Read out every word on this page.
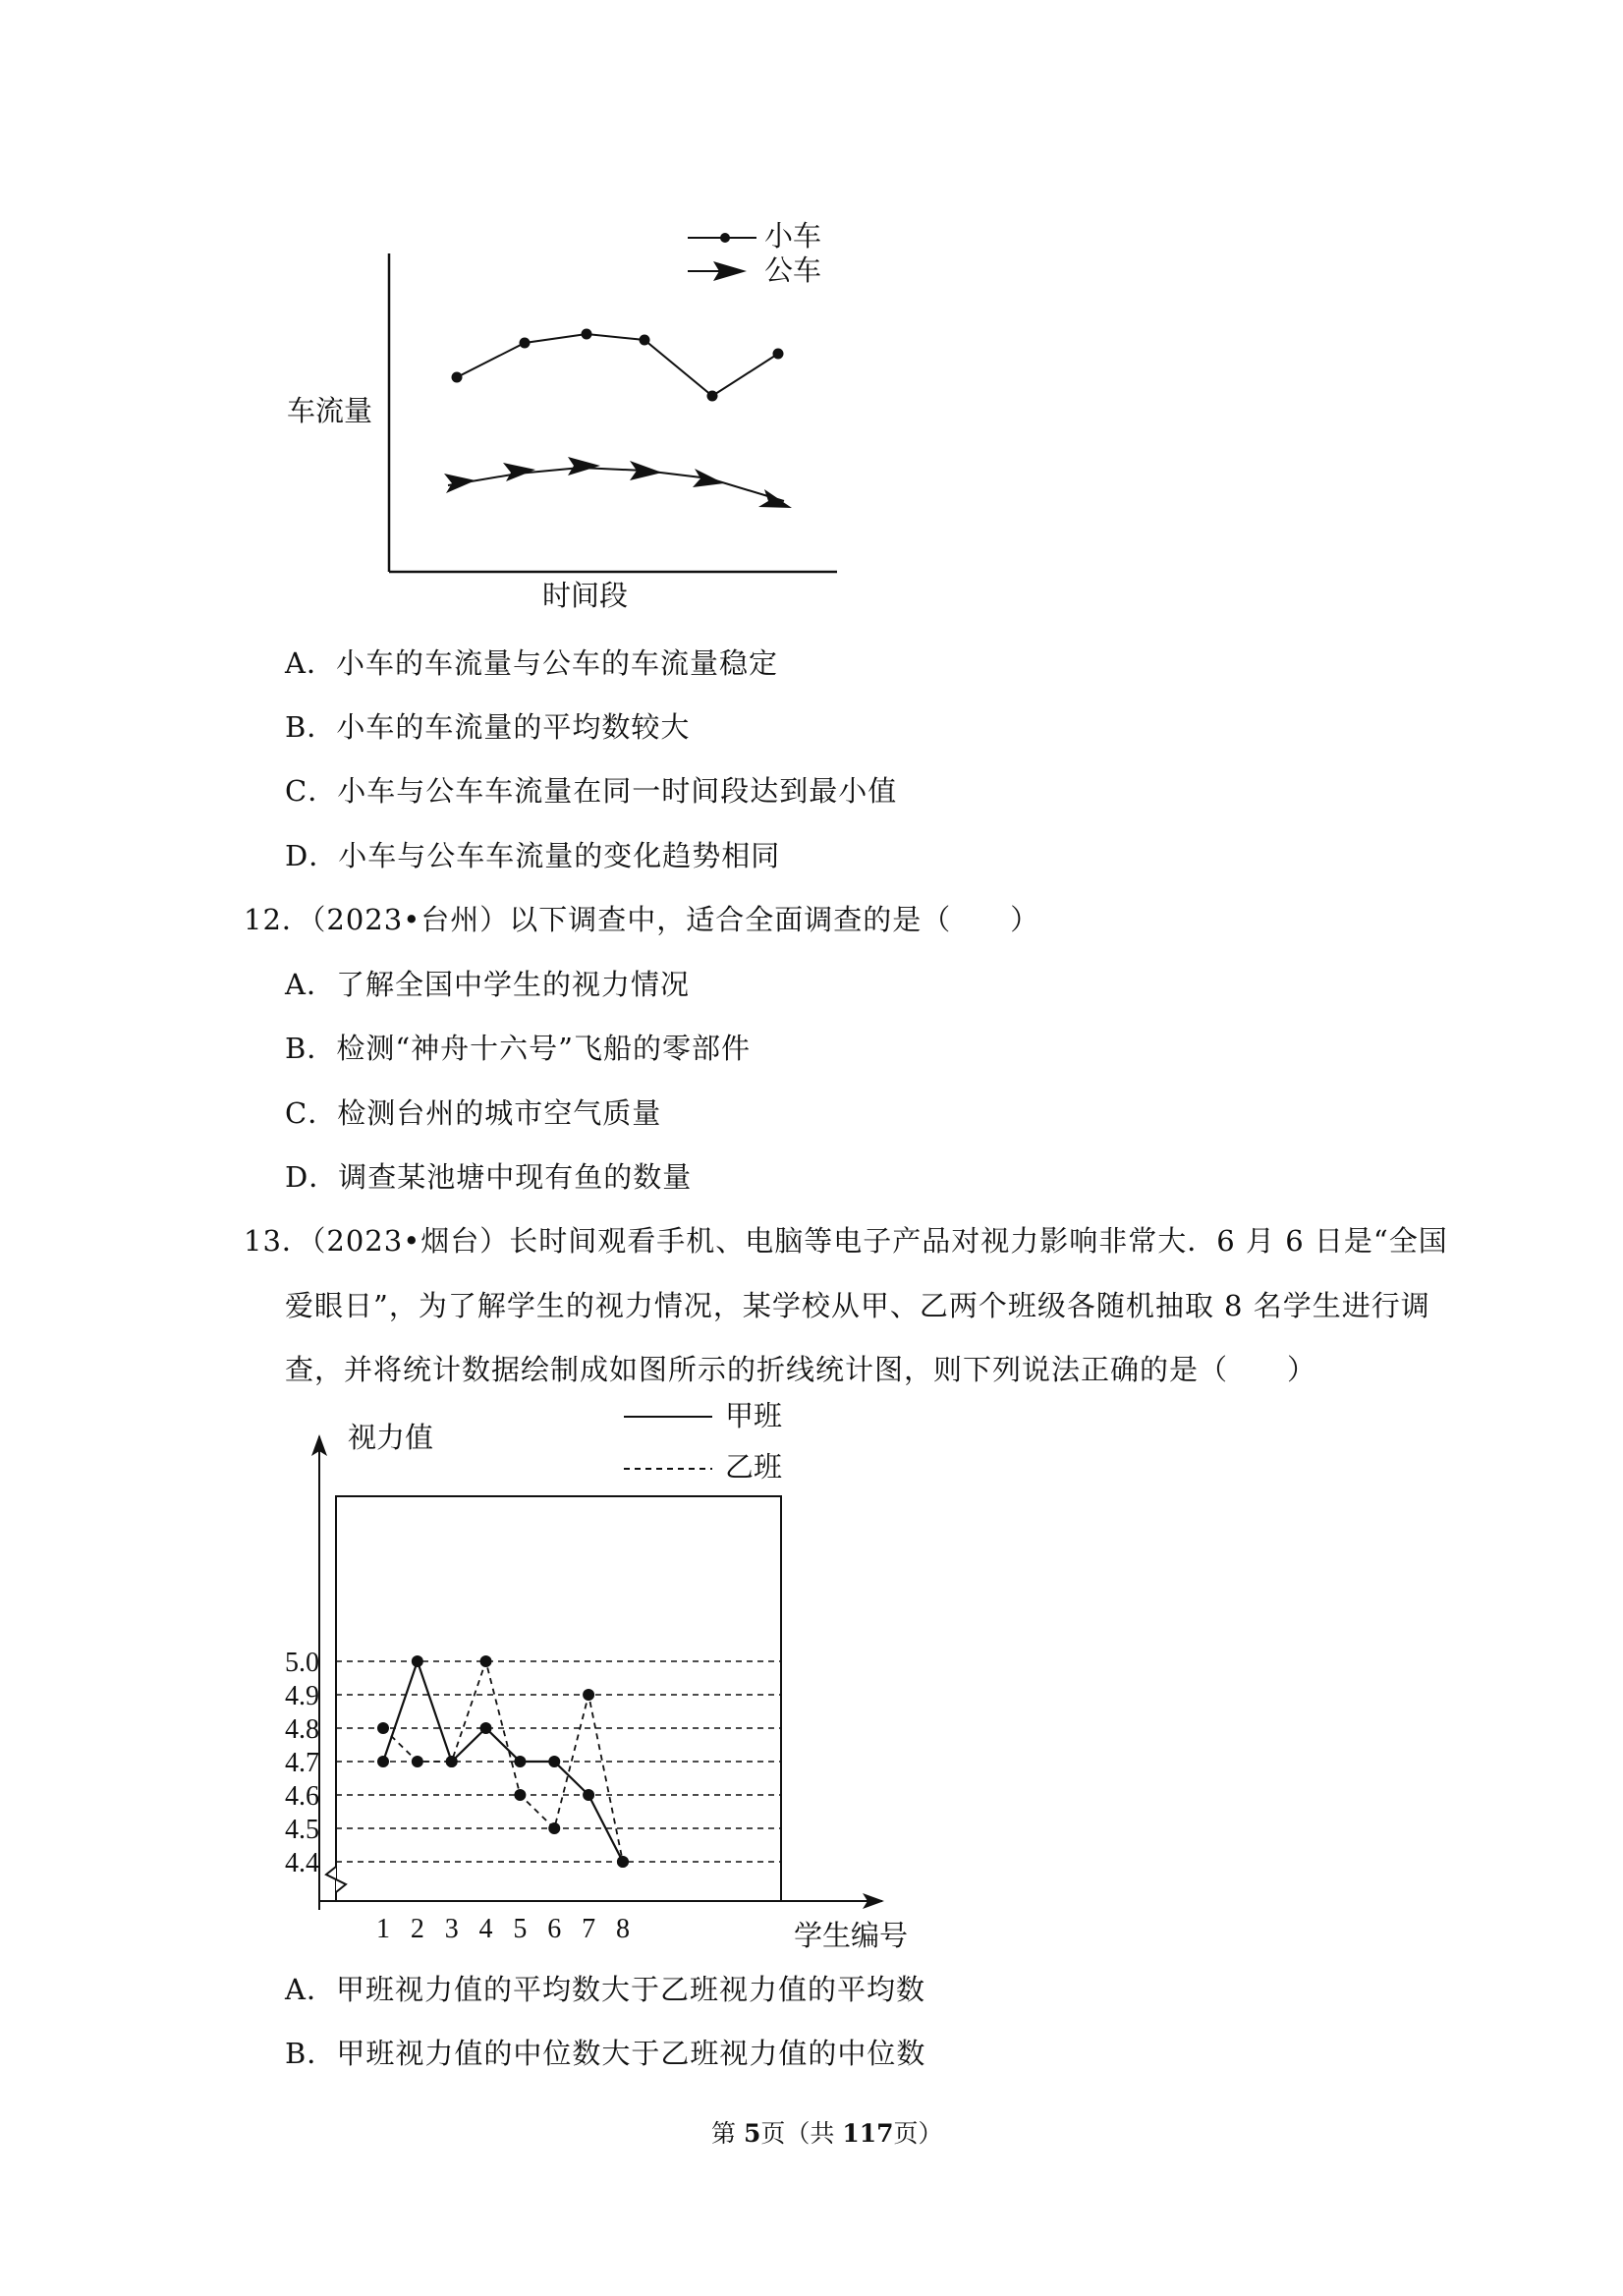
车流量
时间段
小车
公车
A．小车的车流量与公车的车流量稳定
B．小车的车流量的平均数较大
C．小车与公车车流量在同一时间段达到最小值
D．小车与公车车流量的变化趋势相同
12．（2023•台州）以下调查中，适合全面调查的是（　　）
A．了解全国中学生的视力情况
B．检测“神舟十六号”飞船的零部件
C．检测台州的城市空气质量
D．调查某池塘中现有鱼的数量
13．（2023•烟台）长时间观看手机、电脑等电子产品对视力影响非常大．6 月 6 日是“全国
爱眼日”，为了解学生的视力情况，某学校从甲、乙两个班级各随机抽取 8 名学生进行调
查，并将统计数据绘制成如图所示的折线统计图，则下列说法正确的是（　　）
视力值
学生编号
甲班
乙班
4.4
4.5
4.6
4.7
4.8
4.9
5.0
1 2 3 4 5 6 7 8
A．甲班视力值的平均数大于乙班视力值的平均数
B．甲班视力值的中位数大于乙班视力值的中位数
第 5页（共 117页）
